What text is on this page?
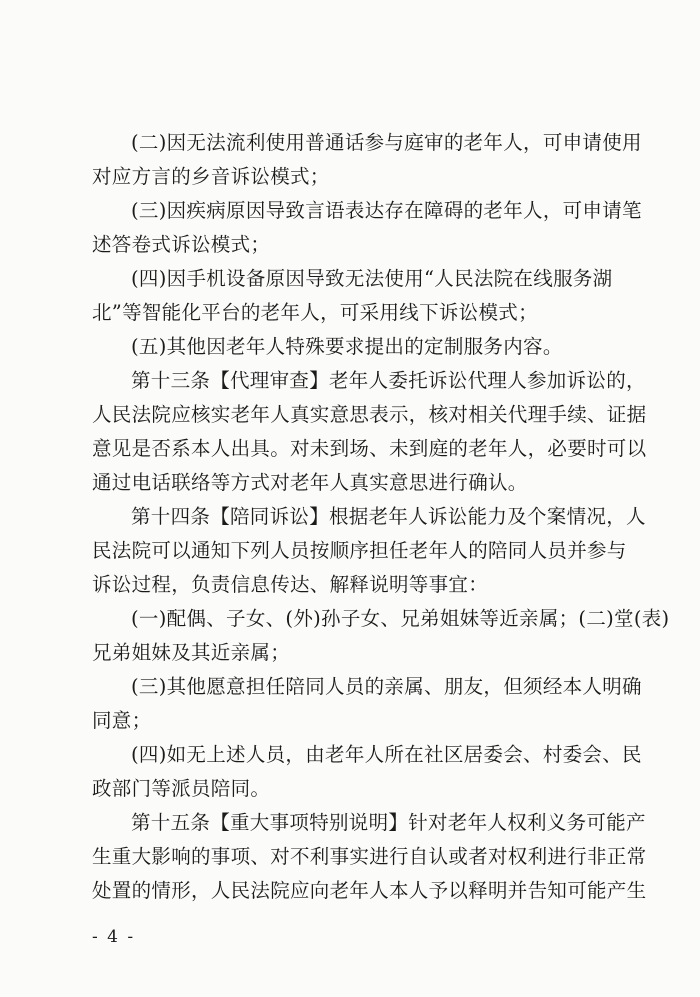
(二)因无法流利使用普通话参与庭审的老年人，可申请使用
对应方言的乡音诉讼模式；
(三)因疾病原因导致言语表达存在障碍的老年人，可申请笔
述答卷式诉讼模式；
(四)因手机设备原因导致无法使用“人民法院在线服务湖
北”等智能化平台的老年人，可采用线下诉讼模式；
(五)其他因老年人特殊要求提出的定制服务内容。
第十三条【代理审查】老年人委托诉讼代理人参加诉讼的，
人民法院应核实老年人真实意思表示，核对相关代理手续、证据
意见是否系本人出具。对未到场、未到庭的老年人，必要时可以
通过电话联络等方式对老年人真实意思进行确认。
第十四条【陪同诉讼】根据老年人诉讼能力及个案情况，人
民法院可以通知下列人员按顺序担任老年人的陪同人员并参与
诉讼过程，负责信息传达、解释说明等事宜：
(一)配偶、子女、(外)孙子女、兄弟姐妹等近亲属；(二)堂(表)
兄弟姐妹及其近亲属；
(三)其他愿意担任陪同人员的亲属、朋友，但须经本人明确
同意；
(四)如无上述人员，由老年人所在社区居委会、村委会、民
政部门等派员陪同。
第十五条【重大事项特别说明】针对老年人权利义务可能产
生重大影响的事项、对不利事实进行自认或者对权利进行非正常
处置的情形，人民法院应向老年人本人予以释明并告知可能产生
- 4 -
